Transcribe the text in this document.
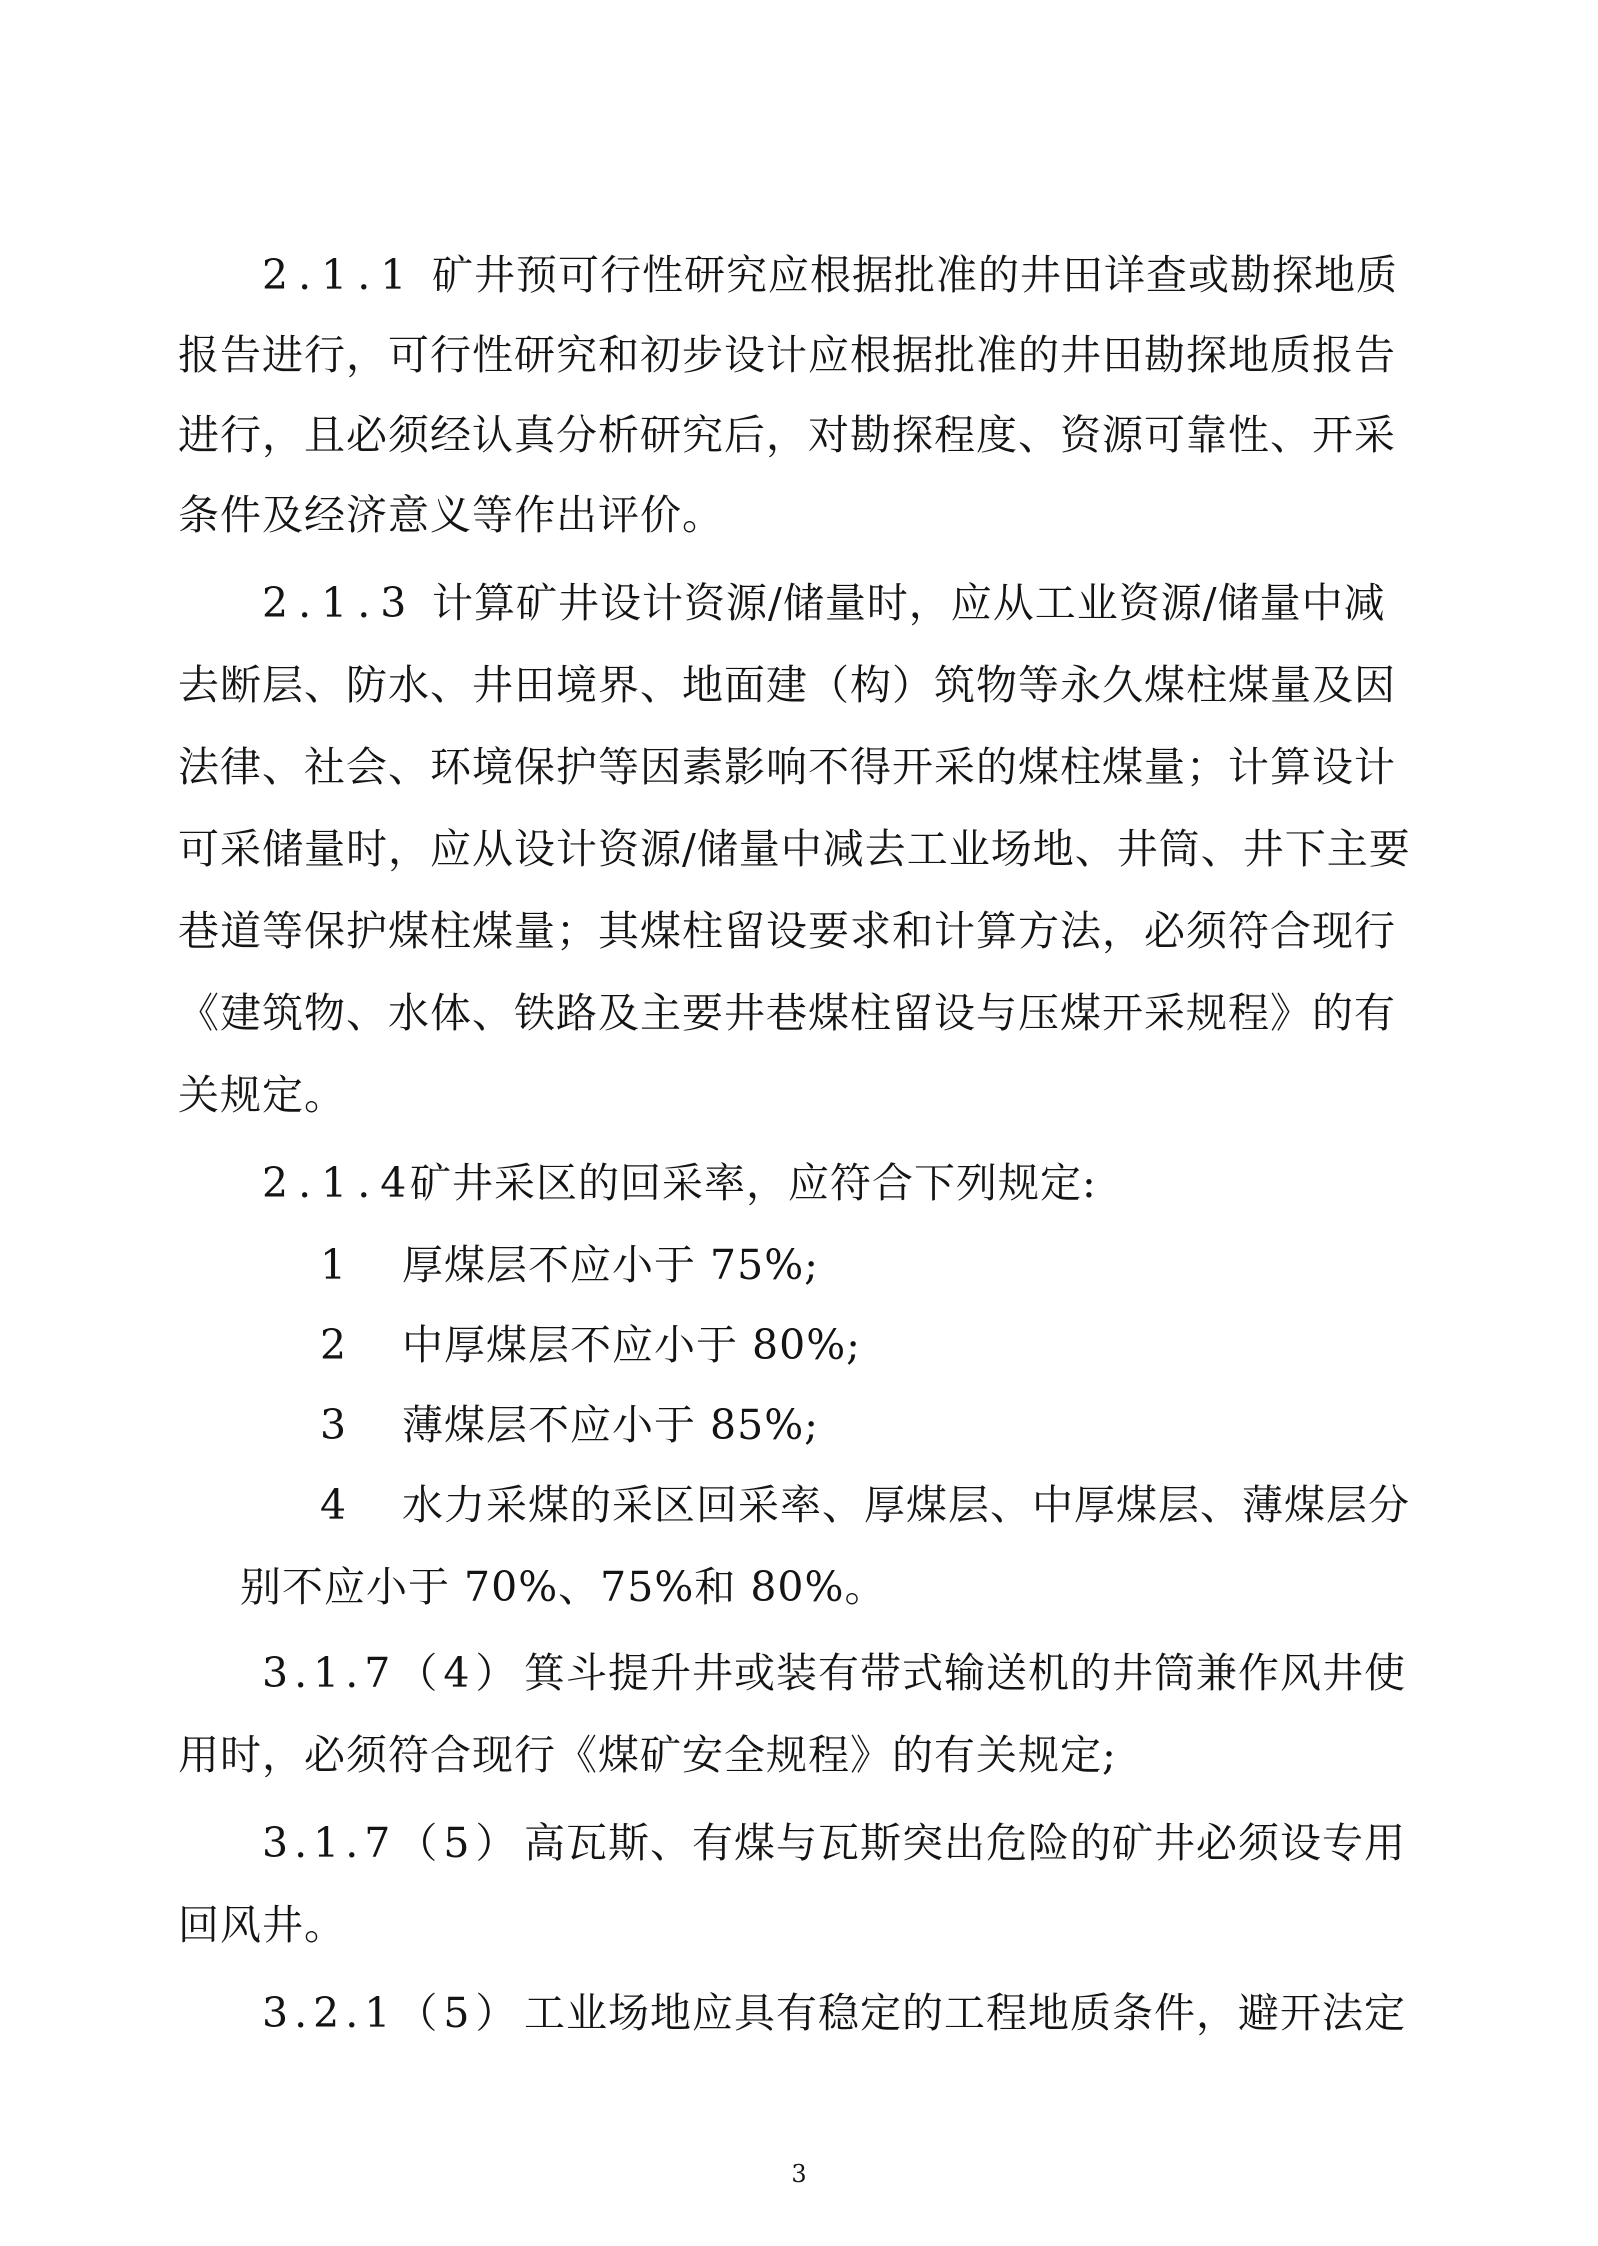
2.1.1 矿井预可行性研究应根据批准的井田详查或勘探地质
报告进行，可行性研究和初步设计应根据批准的井田勘探地质报告
进行，且必须经认真分析研究后，对勘探程度、资源可靠性、开采
条件及经济意义等作出评价。
2.1.3 计算矿井设计资源/储量时，应从工业资源/储量中减
去断层、防水、井田境界、地面建（构）筑物等永久煤柱煤量及因
法律、社会、环境保护等因素影响不得开采的煤柱煤量；计算设计
可采储量时，应从设计资源/储量中减去工业场地、井筒、井下主要
巷道等保护煤柱煤量；其煤柱留设要求和计算方法，必须符合现行
《建筑物、水体、铁路及主要井巷煤柱留设与压煤开采规程》的有
关规定。
2.1.4矿井采区的回采率，应符合下列规定:
1 厚煤层不应小于 75%;
2 中厚煤层不应小于 80%;
3 薄煤层不应小于 85%;
4 水力采煤的采区回采率、厚煤层、中厚煤层、薄煤层分
别不应小于 70%、75%和 80%。
3.1.7（4）箕斗提升井或装有带式输送机的井筒兼作风井使
用时，必须符合现行《煤矿安全规程》的有关规定;
3.1.7（5）高瓦斯、有煤与瓦斯突出危险的矿井必须设专用
回风井。
3.2.1（5）工业场地应具有稳定的工程地质条件，避开法定
3
